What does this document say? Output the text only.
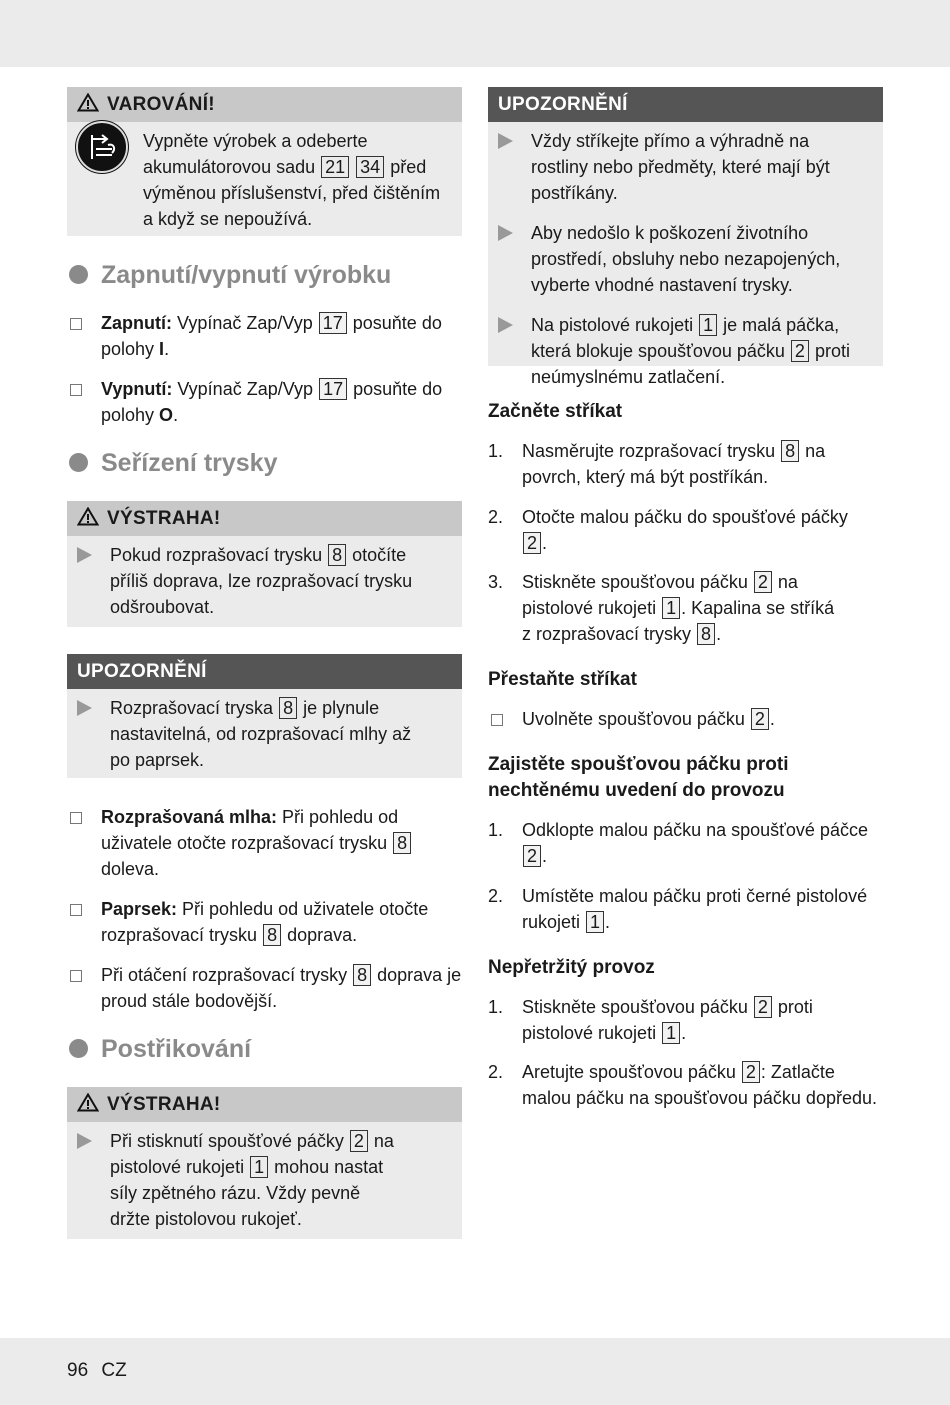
VAROVÁNÍ!
Vypněte výrobek a odeberte akumulátorovou sadu 21 34 před výměnou příslušenství, před čištěním a když se nepoužívá.
Zapnutí/vypnutí výrobku
Zapnutí: Vypínač Zap/Vyp 17 posuňte do polohy I.
Vypnutí: Vypínač Zap/Vyp 17 posuňte do polohy O.
Seřízení trysky
VÝSTRAHA!
Pokud rozprašovací trysku 8 otočíte příliš doprava, lze rozprašovací trysku odšroubovat.
UPOZORNĚNÍ
Rozprašovací tryska 8 je plynule nastavitelná, od rozprašovací mlhy až po paprsek.
Rozprašovaná mlha: Při pohledu od uživatele otočte rozprašovací trysku 8 doleva.
Paprsek: Při pohledu od uživatele otočte rozprašovací trysku 8 doprava.
Při otáčení rozprašovací trysky 8 doprava je proud stále bodovější.
Postřikování
VÝSTRAHA!
Při stisknutí spoušťové páčky 2 na pistolové rukojeti 1 mohou nastat síly zpětného rázu. Vždy pevně držte pistolovou rukojeť.
UPOZORNĚNÍ
Vždy stříkejte přímo a výhradně na rostliny nebo předměty, které mají být postříkány.
Aby nedošlo k poškození životního prostředí, obsluhy nebo nezapojených, vyberte vhodné nastavení trysky.
Na pistolové rukojeti 1 je malá páčka, která blokuje spoušťovou páčku 2 proti neúmyslnému zatlačení.
Začněte stříkat
1. Nasměrujte rozprašovací trysku 8 na povrch, který má být postříkán.
2. Otočte malou páčku do spoušťové páčky 2 .
3. Stiskněte spoušťovou páčku 2 na pistolové rukojeti 1 . Kapalina se stříká z rozprašovací trysky 8 .
Přestaňte stříkat
Uvolněte spoušťovou páčku 2 .
Zajistěte spoušťovou páčku proti nechtěnému uvedení do provozu
1. Odklopte malou páčku na spoušťové páčce 2 .
2. Umístěte malou páčku proti černé pistolové rukojeti 1 .
Nepřetržitý provoz
1. Stiskněte spoušťovou páčku 2 proti pistolové rukojeti 1 .
2. Aretujte spoušťovou páčku 2 : Zatlačte malou páčku na spoušťovou páčku dopředu.
96 CZ
